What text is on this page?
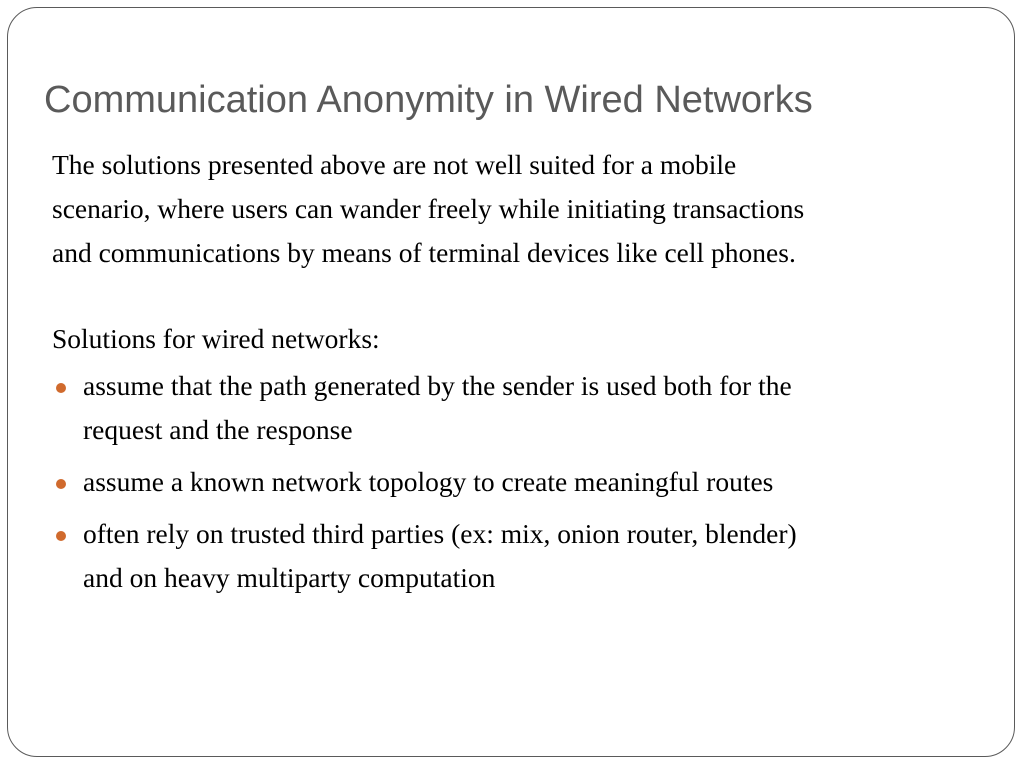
Communication Anonymity in Wired Networks

The solutions presented above are not well suited for a mobile
scenario, where users can wander freely while initiating transactions
and communications by means of terminal devices like cell phones.

Solutions for wired networks:

assume that the path generated by the sender is used both for the
request and the response
assume a known network topology to create meaningful routes
often rely on trusted third parties (ex: mix, onion router, blender)
and on heavy multiparty computation
